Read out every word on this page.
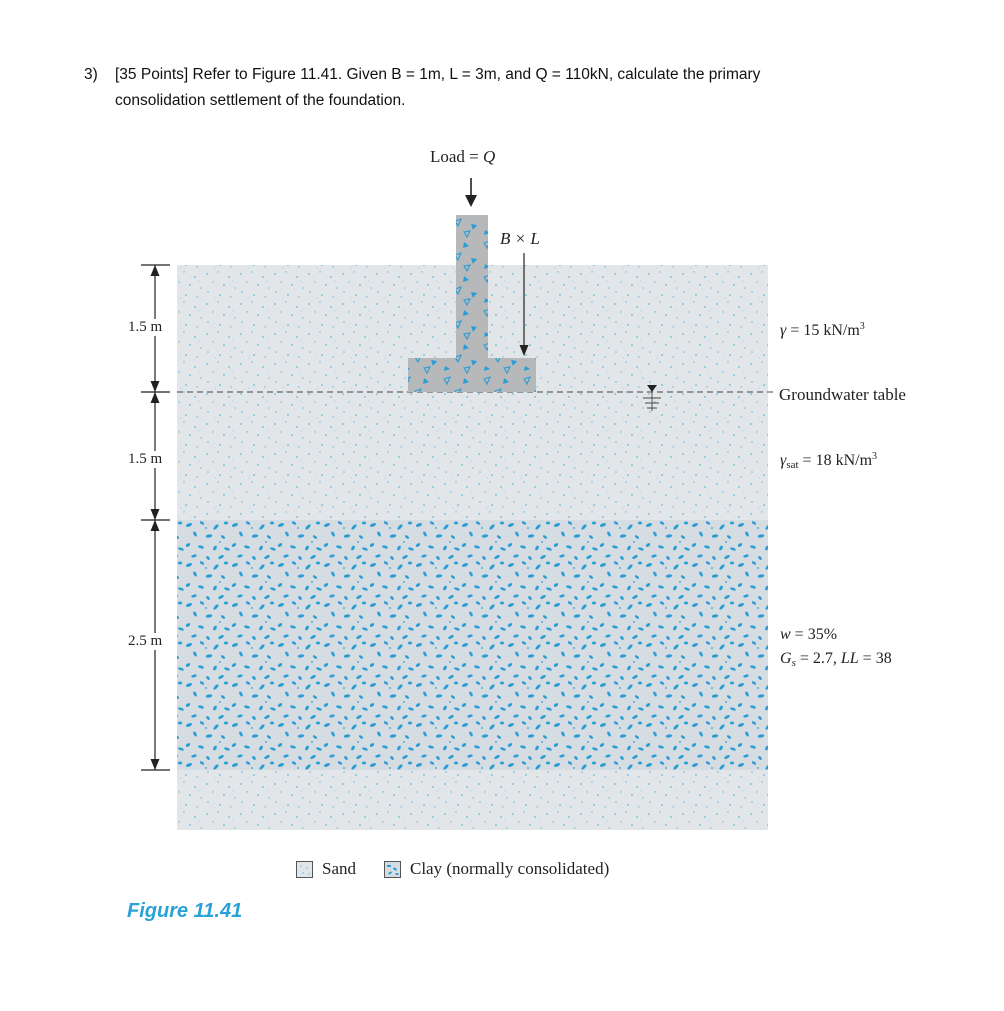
3) [35 Points] Refer to Figure 11.41. Given B = 1m, L = 3m, and Q = 110kN, calculate the primary
consolidation settlement of the foundation.
Load = Q
B × L
1.5 m
1.5 m
2.5 m
γ = 15 $kN/m^3$
Groundwater table
$\gamma_{sat} = 18$ $kN/m^3$
w = 35%
$G_s = 2.7$, LL = 38
Sand	Clay (normally consolidated)
Figure 11.41
